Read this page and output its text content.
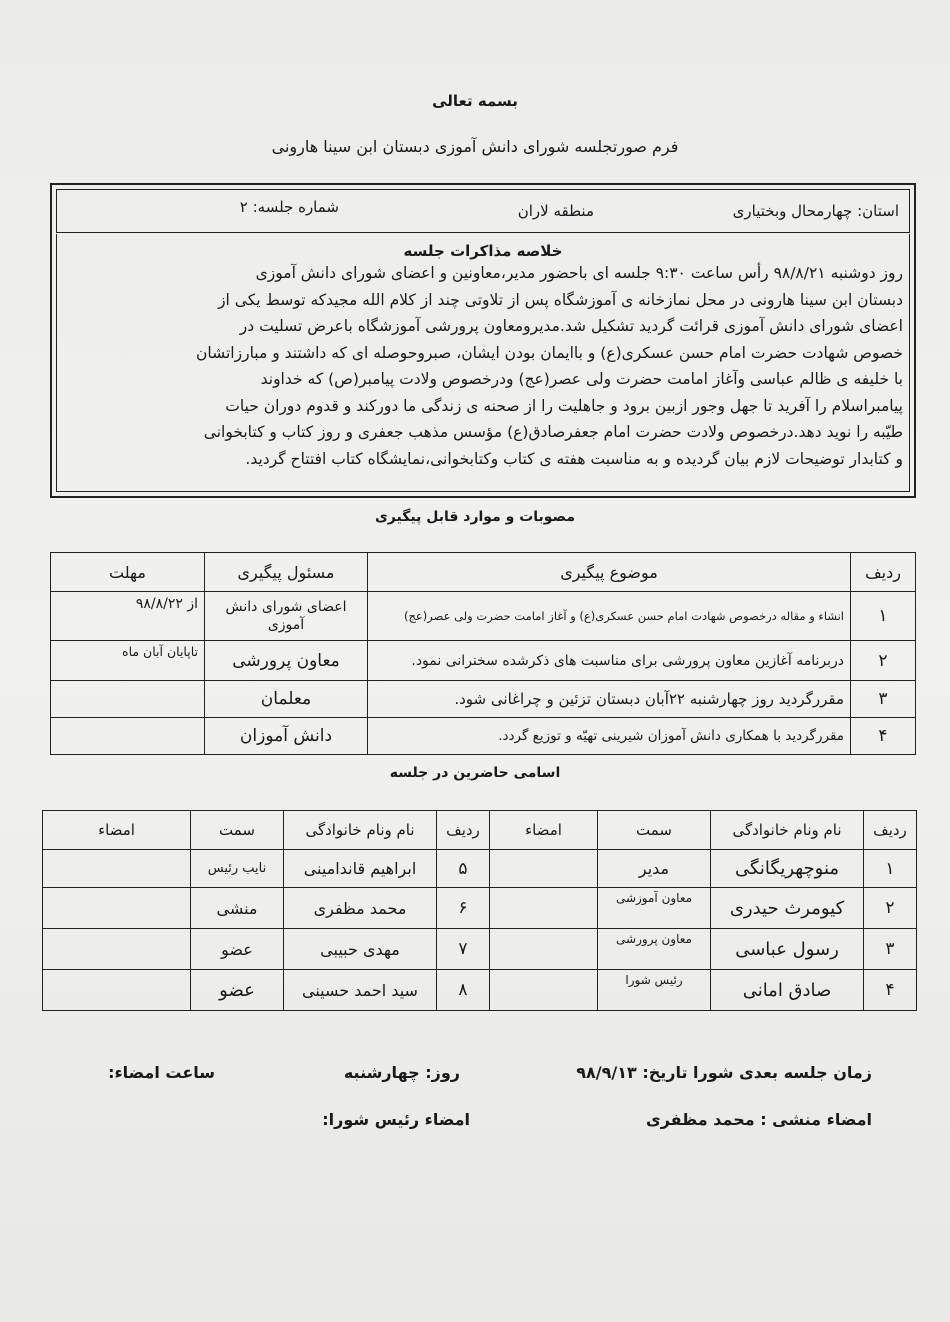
بسمه تعالی
فرم صورتجلسه شورای دانش آموزی دبستان ابن سینا هارونی
استان: چهارمحال وبختیاری
منطقه لاران
شماره جلسه: ۲
خلاصه مذاکرات جلسه
روز دوشنبه ۹۸/۸/۲۱ رأس ساعت ۹:۳۰ جلسه ای باحضور مدیر،معاونین و اعضای شورای دانش آموزی
دبستان ابن سینا هارونی در محل نمازخانه ی آموزشگاه پس از تلاوتی چند از کلام الله مجیدکه توسط یکی از
اعضای شورای دانش آموزی قرائت گردید تشکیل شد.مدیرومعاون پرورشی آموزشگاه باعرض تسلیت در
خصوص شهادت حضرت امام حسن عسکری(ع) و باایمان بودن ایشان، صبروحوصله ای که داشتند و مبارزاتشان
با خلیفه ی ظالم عباسی وآغاز امامت حضرت ولی عصر(عج) ودرخصوص ولادت پیامبر(ص) که خداوند
پیامبراسلام را آفرید تا جهل وجور ازبین برود و جاهلیت را از صحنه ی زندگی ما دورکند و قدوم دوران حیات
طیّبه را نوید دهد.درخصوص ولادت حضرت امام جعفرصادق(ع) مؤسس مذهب جعفری و روز کتاب و کتابخوانی
و کتابدار توضیحات لازم بیان گردیده و به مناسبت هفته ی کتاب وکتابخوانی،نمایشگاه کتاب افتتاح گردید.
مصوبات و موارد قابل پیگیری
ردیف	موضوع پیگیری	مسئول پیگیری	مهلت
۱	انشاء و مقاله درخصوص شهادت امام حسن عسکری(ع) و آغاز امامت حضرت ولی عصر(عج)	اعضای شورای دانش آموزی	از ۹۸/۸/۲۲
۲	دربرنامه آغازین معاون پرورشی برای مناسبت های ذکرشده سخنرانی نمود.	معاون پرورشی	تاپایان آبان ماه
۳	مقررگردید روز چهارشنبه ۲۲آبان دبستان تزئین و چراغانی شود.	معلمان	
۴	مقررگردید با همکاری دانش آموزان شیرینی تهیّه و توزیع گردد.	دانش آموزان	
اسامی حاضرین در جلسه
ردیف	نام ونام خانوادگی	سمت	امضاء	ردیف	نام ونام خانوادگی	سمت	امضاء
۱	منوچهریگانگی	مدیر		۵	ابراهیم قاندامینی	نایب رئیس	
۲	کیومرث حیدری	معاون آموزشی		۶	محمد مظفری	منشی	
۳	رسول عباسی	معاون پرورشی		۷	مهدی حبیبی	عضو	
۴	صادق امانی	رئیس شورا		۸	سید احمد حسینی	عضو	
زمان جلسه بعدی شورا تاریخ: ۹۸/۹/۱۳
روز: چهارشنبه
ساعت امضاء:
امضاء منشی : محمد مظفری
امضاء رئیس شورا:
